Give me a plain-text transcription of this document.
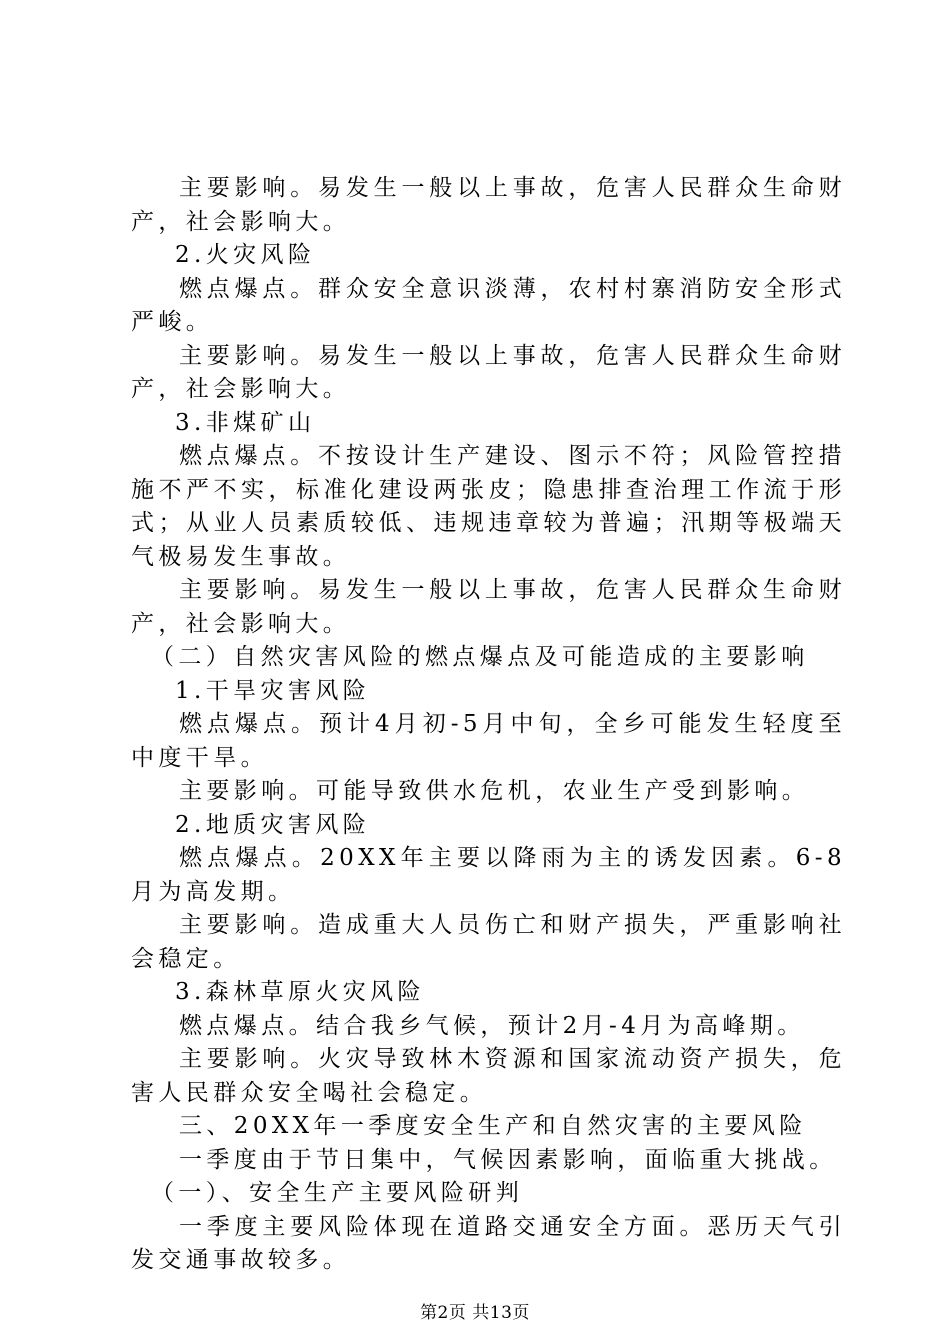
主要影响。易发生一般以上事故，危害人民群众生命财产，社会影响大。

2.火灾风险

燃点爆点。群众安全意识淡薄，农村村寨消防安全形式严峻。

主要影响。易发生一般以上事故，危害人民群众生命财产，社会影响大。

3.非煤矿山

燃点爆点。不按设计生产建设、图示不符；风险管控措施不严不实，标准化建设两张皮；隐患排查治理工作流于形式；从业人员素质较低、违规违章较为普遍；汛期等极端天气极易发生事故。

主要影响。易发生一般以上事故，危害人民群众生命财产，社会影响大。

（二）自然灾害风险的燃点爆点及可能造成的主要影响

1.干旱灾害风险

燃点爆点。预计4月初-5月中旬，全乡可能发生轻度至中度干旱。

主要影响。可能导致供水危机，农业生产受到影响。

2.地质灾害风险

燃点爆点。20XX年主要以降雨为主的诱发因素。6-8月为高发期。

主要影响。造成重大人员伤亡和财产损失，严重影响社会稳定。

3.森林草原火灾风险

燃点爆点。结合我乡气候，预计2月-4月为高峰期。

主要影响。火灾导致林木资源和国家流动资产损失，危害人民群众安全喝社会稳定。

三、20XX年一季度安全生产和自然灾害的主要风险

一季度由于节日集中，气候因素影响，面临重大挑战。

（一）、安全生产主要风险研判

一季度主要风险体现在道路交通安全方面。恶历天气引发交通事故较多。

第2页 共13页
